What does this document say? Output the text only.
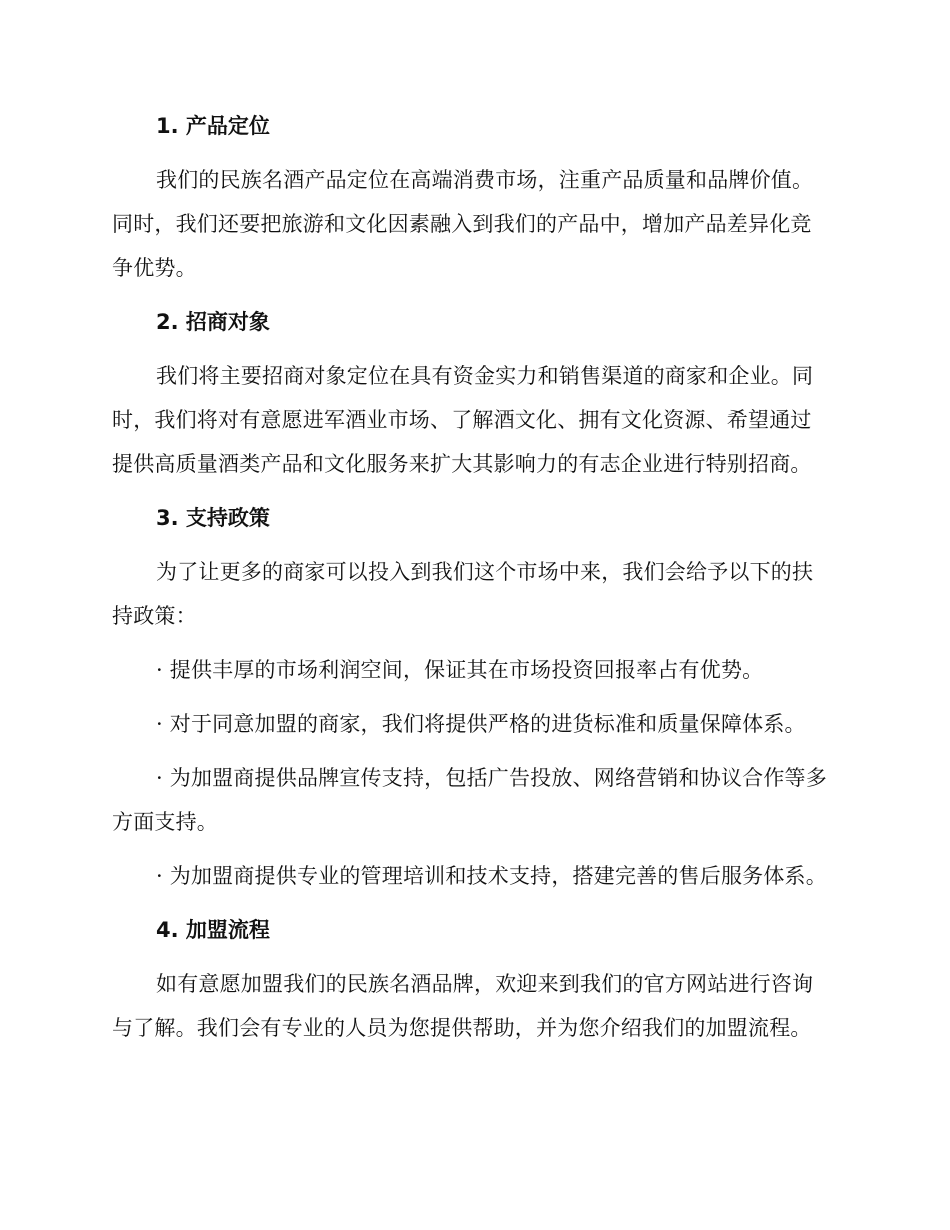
1. 产品定位

我们的民族名酒产品定位在高端消费市场，注重产品质量和品牌价值。同时，我们还要把旅游和文化因素融入到我们的产品中，增加产品差异化竞争优势。

2. 招商对象

我们将主要招商对象定位在具有资金实力和销售渠道的商家和企业。同时，我们将对有意愿进军酒业市场、了解酒文化、拥有文化资源、希望通过提供高质量酒类产品和文化服务来扩大其影响力的有志企业进行特别招商。

3. 支持政策

为了让更多的商家可以投入到我们这个市场中来，我们会给予以下的扶持政策：

· 提供丰厚的市场利润空间，保证其在市场投资回报率占有优势。

· 对于同意加盟的商家，我们将提供严格的进货标准和质量保障体系。

· 为加盟商提供品牌宣传支持，包括广告投放、网络营销和协议合作等多方面支持。

· 为加盟商提供专业的管理培训和技术支持，搭建完善的售后服务体系。

4. 加盟流程

如有意愿加盟我们的民族名酒品牌，欢迎来到我们的官方网站进行咨询与了解。我们会有专业的人员为您提供帮助，并为您介绍我们的加盟流程。
